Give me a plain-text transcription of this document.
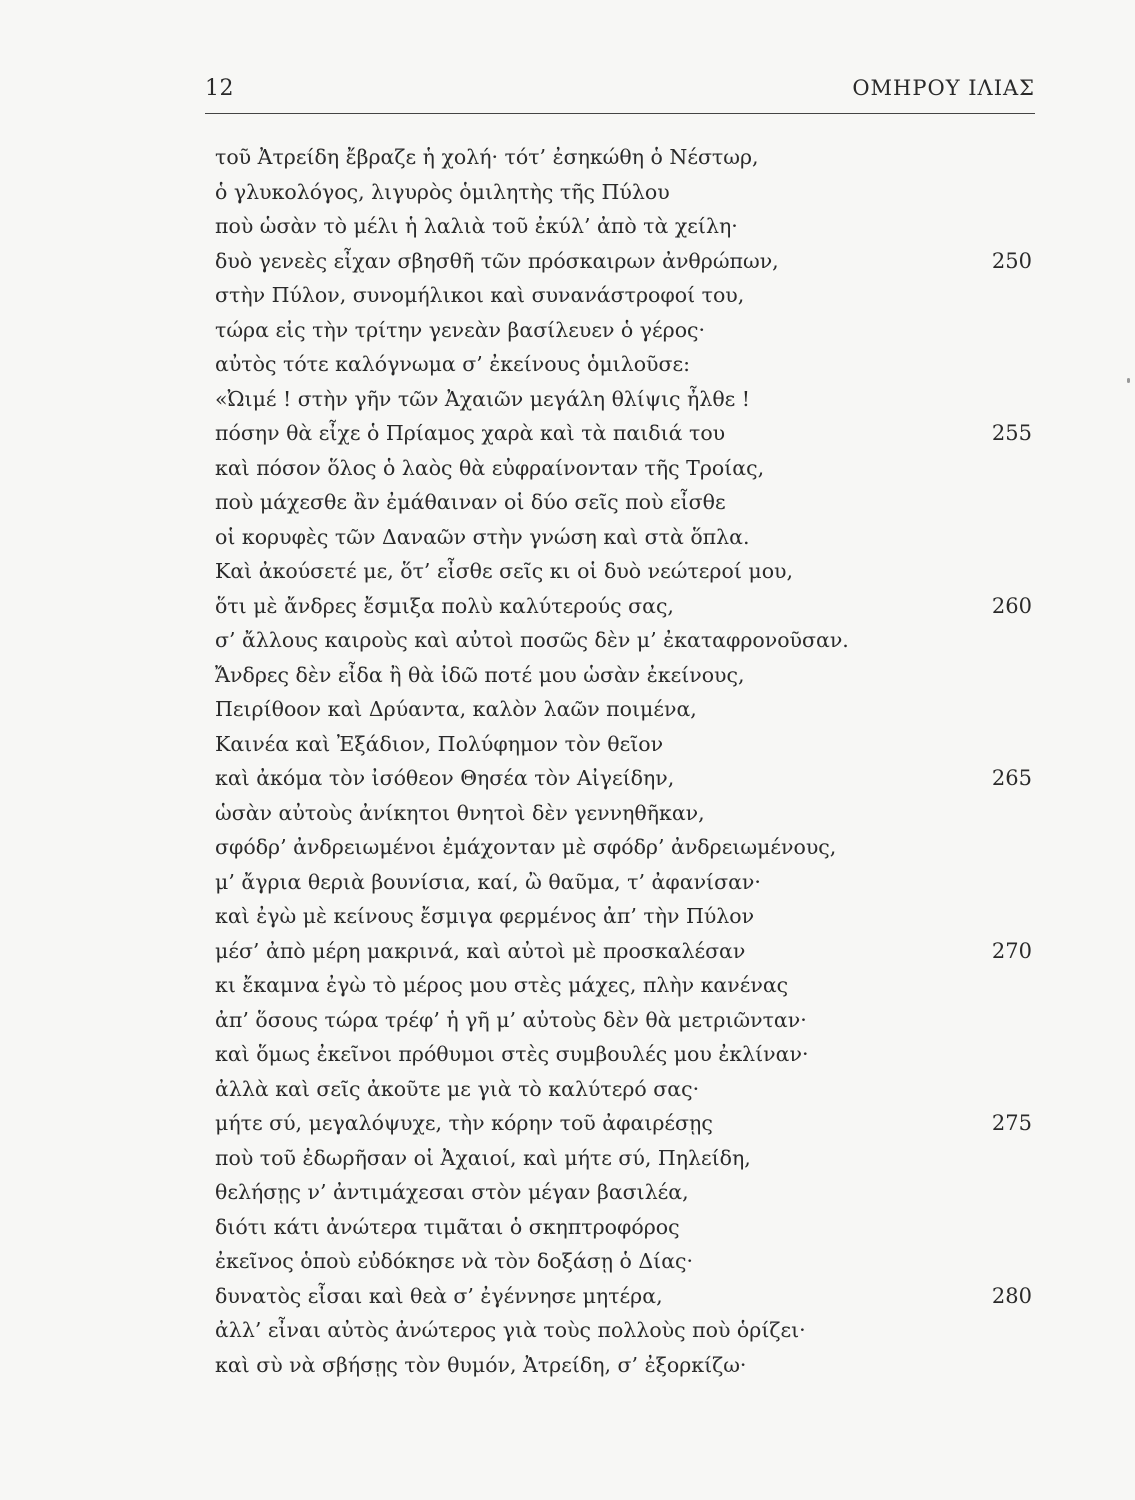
12	ΟΜΗΡΟΥ ΙΛΙΑΣ
τοῦ Ἀτρείδη ἔβραζε ἡ χολή· τότ’ ἐσηκώθη ὁ Νέστωρ,
ὁ γλυκολόγος, λιγυρὸς ὁμιλητὴς τῆς Πύλου
ποὺ ὡσὰν τὸ μέλι ἡ λαλιὰ τοῦ ἐκύλ’ ἀπὸ τὰ χείλη·
δυὸ γενεὲς εἶχαν σβησθῆ τῶν πρόσκαιρων ἀνθρώπων,	250
στὴν Πύλον, συνομήλικοι καὶ συνανάστροφοί του,
τώρα εἰς τὴν τρίτην γενεὰν βασίλευεν ὁ γέρος·
αὐτὸς τότε καλόγνωμα σ’ ἐκείνους ὁμιλοῦσε:
«Ὠιμέ ! στὴν γῆν τῶν Ἀχαιῶν μεγάλη θλίψις ἦλθε !
πόσην θὰ εἶχε ὁ Πρίαμος χαρὰ καὶ τὰ παιδιά του	255
καὶ πόσον ὅλος ὁ λαὸς θὰ εὐφραίνονταν τῆς Τροίας,
ποὺ μάχεσθε ἂν ἐμάθαιναν οἱ δύο σεῖς ποὺ εἶσθε
οἱ κορυφὲς τῶν Δαναῶν στὴν γνώση καὶ στὰ ὅπλα.
Καὶ ἀκούσετέ με, ὅτ’ εἶσθε σεῖς κι οἱ δυὸ νεώτεροί μου,
ὅτι μὲ ἄνδρες ἔσμιξα πολὺ καλύτερούς σας,	260
σ’ ἄλλους καιροὺς καὶ αὐτοὶ ποσῶς δὲν μ’ ἐκαταφρονοῦσαν.
Ἄνδρες δὲν εἶδα ἢ θὰ ἰδῶ ποτέ μου ὡσὰν ἐκείνους,
Πειρίθοον καὶ Δρύαντα, καλὸν λαῶν ποιμένα,
Καινέα καὶ Ἐξάδιον, Πολύφημον τὸν θεῖον
καὶ ἀκόμα τὸν ἰσόθεον Θησέα τὸν Αἰγείδην,	265
ὡσὰν αὐτοὺς ἀνίκητοι θνητοὶ δὲν γεννηθῆκαν,
σφόδρ’ ἀνδρειωμένοι ἐμάχονταν μὲ σφόδρ’ ἀνδρειωμένους,
μ’ ἄγρια θεριὰ βουνίσια, καί, ὢ θαῦμα, τ’ ἀφανίσαν·
καὶ ἐγὼ μὲ κείνους ἔσμιγα φερμένος ἀπ’ τὴν Πύλον
μέσ’ ἀπὸ μέρη μακρινά, καὶ αὐτοὶ μὲ προσκαλέσαν	270
κι ἔκαμνα ἐγὼ τὸ μέρος μου στὲς μάχες, πλὴν κανένας
ἀπ’ ὅσους τώρα τρέφ’ ἡ γῆ μ’ αὐτοὺς δὲν θὰ μετριῶνταν·
καὶ ὅμως ἐκεῖνοι πρόθυμοι στὲς συμβουλές μου ἐκλίναν·
ἀλλὰ καὶ σεῖς ἀκοῦτε με γιὰ τὸ καλύτερό σας·
μήτε σύ, μεγαλόψυχε, τὴν κόρην τοῦ ἀφαιρέσῃς	275
ποὺ τοῦ ἐδωρῆσαν οἱ Ἀχαιοί, καὶ μήτε σύ, Πηλείδη,
θελήσῃς ν’ ἀντιμάχεσαι στὸν μέγαν βασιλέα,
διότι κάτι ἀνώτερα τιμᾶται ὁ σκηπτροφόρος
ἐκεῖνος ὁποὺ εὐδόκησε νὰ τὸν δοξάσῃ ὁ Δίας·
δυνατὸς εἶσαι καὶ θεὰ σ’ ἐγέννησε μητέρα,	280
ἀλλ’ εἶναι αὐτὸς ἀνώτερος γιὰ τοὺς πολλοὺς ποὺ ὁρίζει·
καὶ σὺ νὰ σβήσῃς τὸν θυμόν, Ἀτρείδη, σ’ ἐξορκίζω·
